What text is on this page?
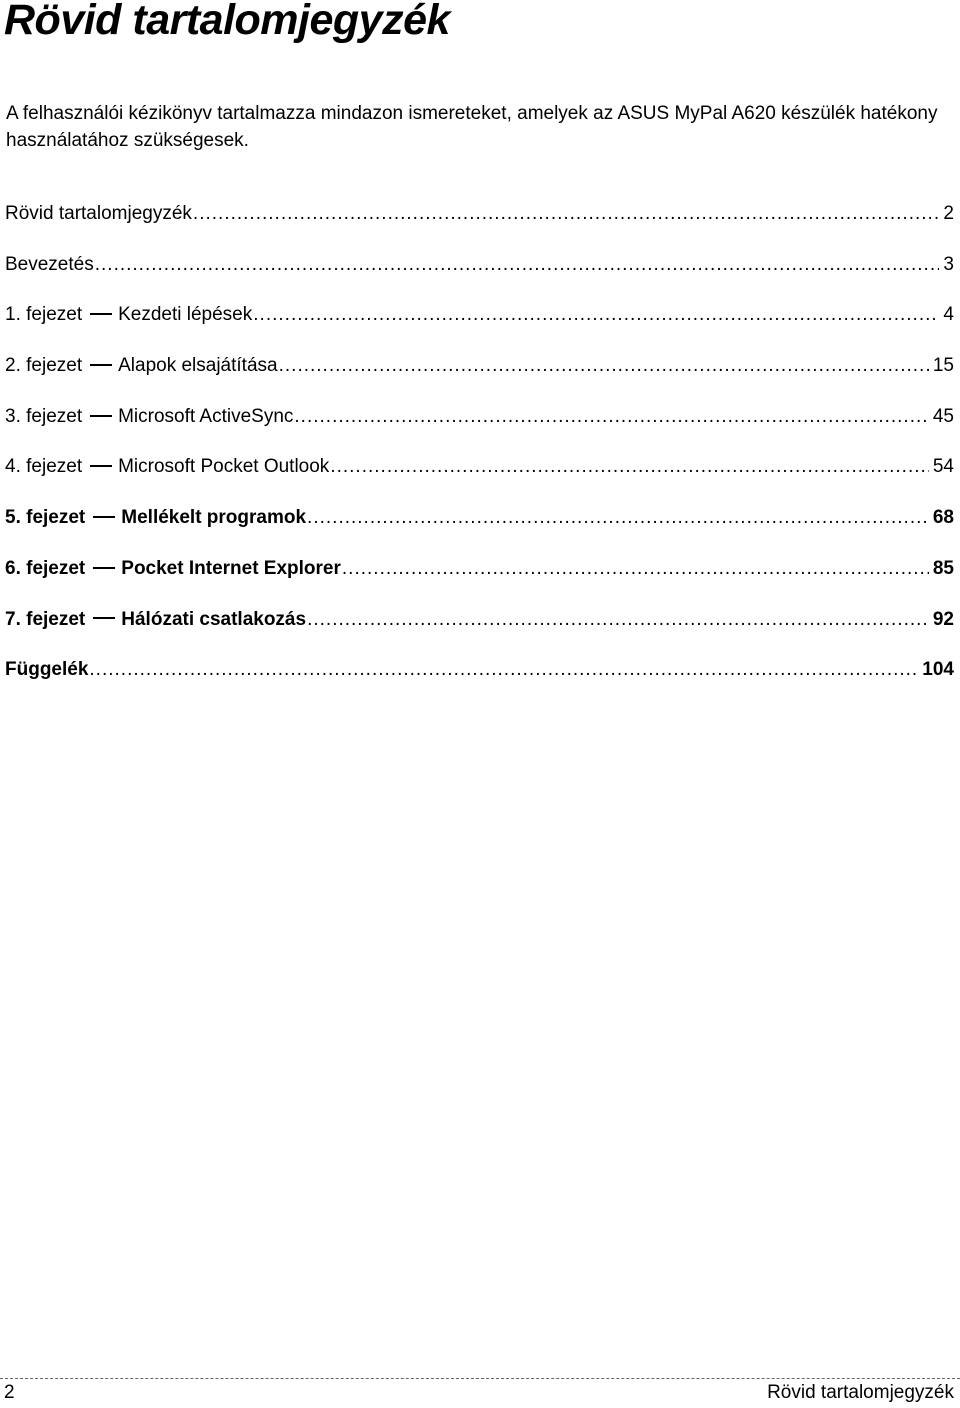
Rövid tartalomjegyzék

A felhasználói kézikönyv tartalmazza mindazon ismereteket, amelyek az ASUS MyPal A620 készülék hatékony használatához szükségesek.

Rövid tartalomjegyzék .....	2
Bevezetés .....	3
1. fejezet Kezdeti lépések .....	4
2. fejezet Alapok elsajátítása .....	15
3. fejezet Microsoft ActiveSync .....	45
4. fejezet Microsoft Pocket Outlook .....	54
5. fejezet Mellékelt programok .....	68
6. fejezet Pocket Internet Explorer .....	85
7. fejezet Hálózati csatlakozás .....	92
Függelék .....	104
2	Rövid tartalomjegyzék
